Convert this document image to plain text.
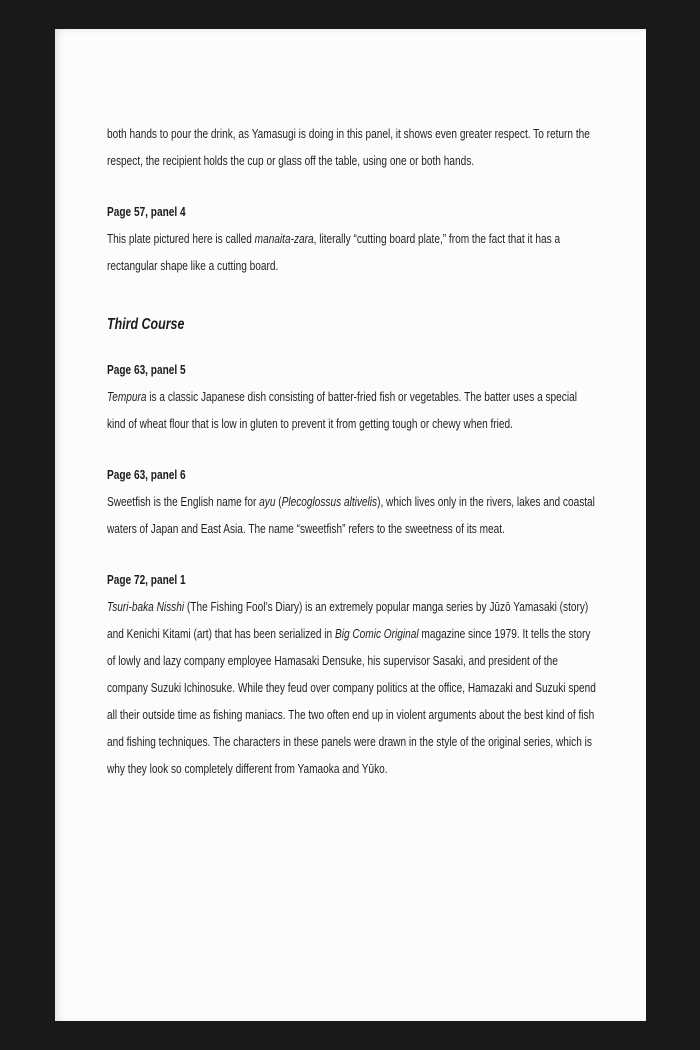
both hands to pour the drink, as Yamasugi is doing in this panel, it shows even greater respect. To return the respect, the recipient holds the cup or glass off the table, using one or both hands.

Page 57, panel 4

This plate pictured here is called manaita-zara, literally “cutting board plate,” from the fact that it has a rectangular shape like a cutting board.

Third Course
Page 63, panel 5

Tempura is a classic Japanese dish consisting of batter-fried fish or vegetables. The batter uses a special kind of wheat flour that is low in gluten to prevent it from getting tough or chewy when fried.

Page 63, panel 6

Sweetfish is the English name for ayu (Plecoglossus altivelis), which lives only in the rivers, lakes and coastal waters of Japan and East Asia. The name “sweetfish” refers to the sweetness of its meat.

Page 72, panel 1

Tsuri-baka Nisshi (The Fishing Fool’s Diary) is an extremely popular manga series by Jūzō Yamasaki (story) and Kenichi Kitami (art) that has been serialized in Big Comic Original magazine since 1979. It tells the story of lowly and lazy company employee Hamasaki Densuke, his supervisor Sasaki, and president of the company Suzuki Ichinosuke. While they feud over company politics at the office, Hamazaki and Suzuki spend all their outside time as fishing maniacs. The two often end up in violent arguments about the best kind of fish and fishing techniques. The characters in these panels were drawn in the style of the original series, which is why they look so completely different from Yamaoka and Yūko.
